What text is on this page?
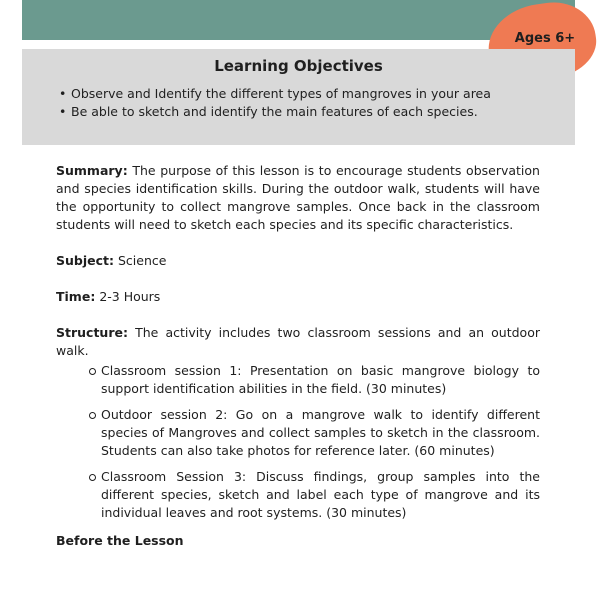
Ages 6+
Learning Objectives
• Observe and Identify the different types of mangroves in your area
• Be able to sketch and identify the main features of each species.

Summary: The purpose of this lesson is to encourage students observation and species identification skills. During the outdoor walk, students will have the opportunity to collect mangrove samples. Once back in the classroom students will need to sketch each species and its specific characteristics.

Subject: Science

Time: 2-3 Hours

Structure: The activity includes two classroom sessions and an outdoor walk.

Classroom session 1: Presentation on basic mangrove biology to support identification abilities in the field. (30 minutes)
Outdoor session 2: Go on a mangrove walk to identify different species of Mangroves and collect samples to sketch in the classroom. Students can also take photos for reference later. (60 minutes)
Classroom Session 3: Discuss findings, group samples into the different species, sketch and label each type of mangrove and its individual leaves and root systems. (30 minutes)
Before the Lesson
